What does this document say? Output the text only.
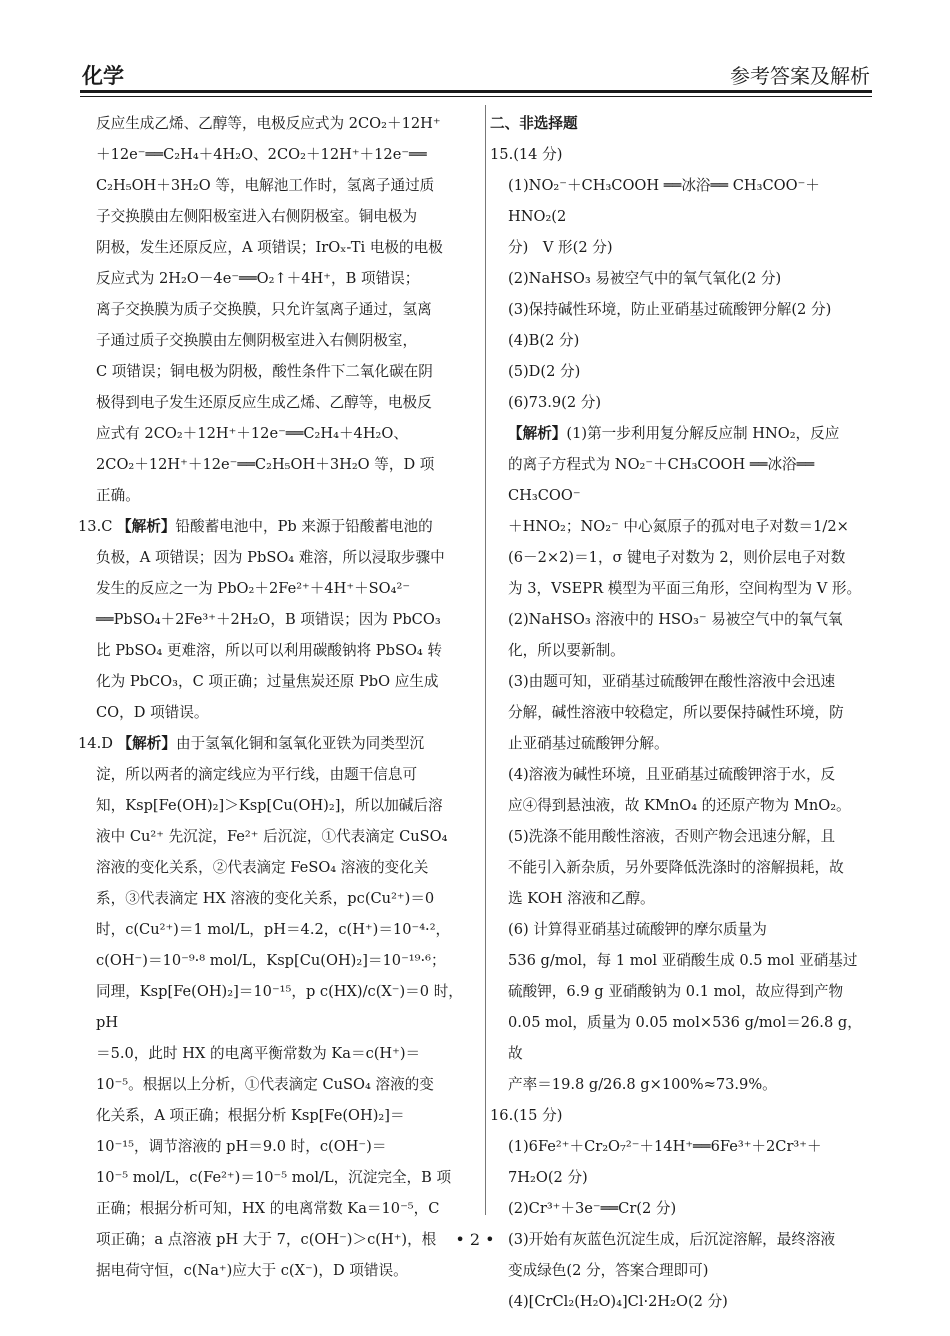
化学	参考答案及解析
反应生成乙烯、乙醇等，电极反应式为 2CO₂＋12H⁺
＋12e⁻══C₂H₄＋4H₂O、2CO₂＋12H⁺＋12e⁻══
C₂H₅OH＋3H₂O 等，电解池工作时，氢离子通过质
子交换膜由左侧阳极室进入右侧阴极室。铜电极为
阴极，发生还原反应，A 项错误；IrOₓ-Ti 电极的电极
反应式为 2H₂O－4e⁻══O₂↑＋4H⁺，B 项错误；
离子交换膜为质子交换膜，只允许氢离子通过，氢离
子通过质子交换膜由左侧阴极室进入右侧阴极室，
C 项错误；铜电极为阴极，酸性条件下二氧化碳在阴
极得到电子发生还原反应生成乙烯、乙醇等，电极反
应式有 2CO₂＋12H⁺＋12e⁻══C₂H₄＋4H₂O、
2CO₂＋12H⁺＋12e⁻══C₂H₅OH＋3H₂O 等，D 项
正确。
13.C 【解析】铅酸蓄电池中，Pb 来源于铅酸蓄电池的
负极，A 项错误；因为 PbSO₄ 难溶，所以浸取步骤中
发生的反应之一为 PbO₂＋2Fe²⁺＋4H⁺＋SO₄²⁻
══PbSO₄＋2Fe³⁺＋2H₂O，B 项错误；因为 PbCO₃
比 PbSO₄ 更难溶，所以可以利用碳酸钠将 PbSO₄ 转
化为 PbCO₃，C 项正确；过量焦炭还原 PbO 应生成
CO，D 项错误。
14.D 【解析】由于氢氧化铜和氢氧化亚铁为同类型沉
淀，所以两者的滴定线应为平行线，由题干信息可
知，Ksp[Fe(OH)₂]＞Ksp[Cu(OH)₂]，所以加碱后溶
液中 Cu²⁺ 先沉淀，Fe²⁺ 后沉淀，①代表滴定 CuSO₄
溶液的变化关系，②代表滴定 FeSO₄ 溶液的变化关
系，③代表滴定 HX 溶液的变化关系，pc(Cu²⁺)＝0
时，c(Cu²⁺)＝1 mol/L，pH＝4.2，c(H⁺)＝10⁻⁴·²，
c(OH⁻)＝10⁻⁹·⁸ mol/L，Ksp[Cu(OH)₂]＝10⁻¹⁹·⁶；
同理，Ksp[Fe(OH)₂]＝10⁻¹⁵，p c(HX)/c(X⁻)＝0 时，pH
＝5.0，此时 HX 的电离平衡常数为 Ka＝c(H⁺)＝
10⁻⁵。根据以上分析，①代表滴定 CuSO₄ 溶液的变
化关系，A 项正确；根据分析 Ksp[Fe(OH)₂]＝
10⁻¹⁵，调节溶液的 pH＝9.0 时，c(OH⁻)＝
10⁻⁵ mol/L，c(Fe²⁺)＝10⁻⁵ mol/L，沉淀完全，B 项
正确；根据分析可知，HX 的电离常数 Ka＝10⁻⁵，C
项正确；a 点溶液 pH 大于 7，c(OH⁻)＞c(H⁺)，根
据电荷守恒，c(Na⁺)应大于 c(X⁻)，D 项错误。
二、非选择题
15.(14 分)
(1)NO₂⁻＋CH₃COOH ══冰浴══ CH₃COO⁻＋HNO₂(2
分)　V 形(2 分)
(2)NaHSO₃ 易被空气中的氧气氧化(2 分)
(3)保持碱性环境，防止亚硝基过硫酸钾分解(2 分)
(4)B(2 分)
(5)D(2 分)
(6)73.9(2 分)
【解析】(1)第一步利用复分解反应制 HNO₂，反应
的离子方程式为 NO₂⁻＋CH₃COOH ══冰浴══ CH₃COO⁻
＋HNO₂；NO₂⁻ 中心氮原子的孤对电子对数＝1/2×
(6－2×2)＝1，σ 键电子对数为 2，则价层电子对数
为 3，VSEPR 模型为平面三角形，空间构型为 V 形。
(2)NaHSO₃ 溶液中的 HSO₃⁻ 易被空气中的氧气氧
化，所以要新制。
(3)由题可知，亚硝基过硫酸钾在酸性溶液中会迅速
分解，碱性溶液中较稳定，所以要保持碱性环境，防
止亚硝基过硫酸钾分解。
(4)溶液为碱性环境，且亚硝基过硫酸钾溶于水，反
应④得到悬浊液，故 KMnO₄ 的还原产物为 MnO₂。
(5)洗涤不能用酸性溶液，否则产物会迅速分解，且
不能引入新杂质，另外要降低洗涤时的溶解损耗，故
选 KOH 溶液和乙醇。
(6) 计算得亚硝基过硫酸钾的摩尔质量为
536 g/mol，每 1 mol 亚硝酸生成 0.5 mol 亚硝基过
硫酸钾，6.9 g 亚硝酸钠为 0.1 mol，故应得到产物
0.05 mol，质量为 0.05 mol×536 g/mol＝26.8 g，故
产率＝19.8 g/26.8 g×100%≈73.9%。
16.(15 分)
(1)6Fe²⁺＋Cr₂O₇²⁻＋14H⁺══6Fe³⁺＋2Cr³⁺＋
7H₂O(2 分)
(2)Cr³⁺＋3e⁻══Cr(2 分)
(3)开始有灰蓝色沉淀生成，后沉淀溶解，最终溶液
变成绿色(2 分，答案合理即可)
(4)[CrCl₂(H₂O)₄]Cl·2H₂O(2 分)
• 2 •
